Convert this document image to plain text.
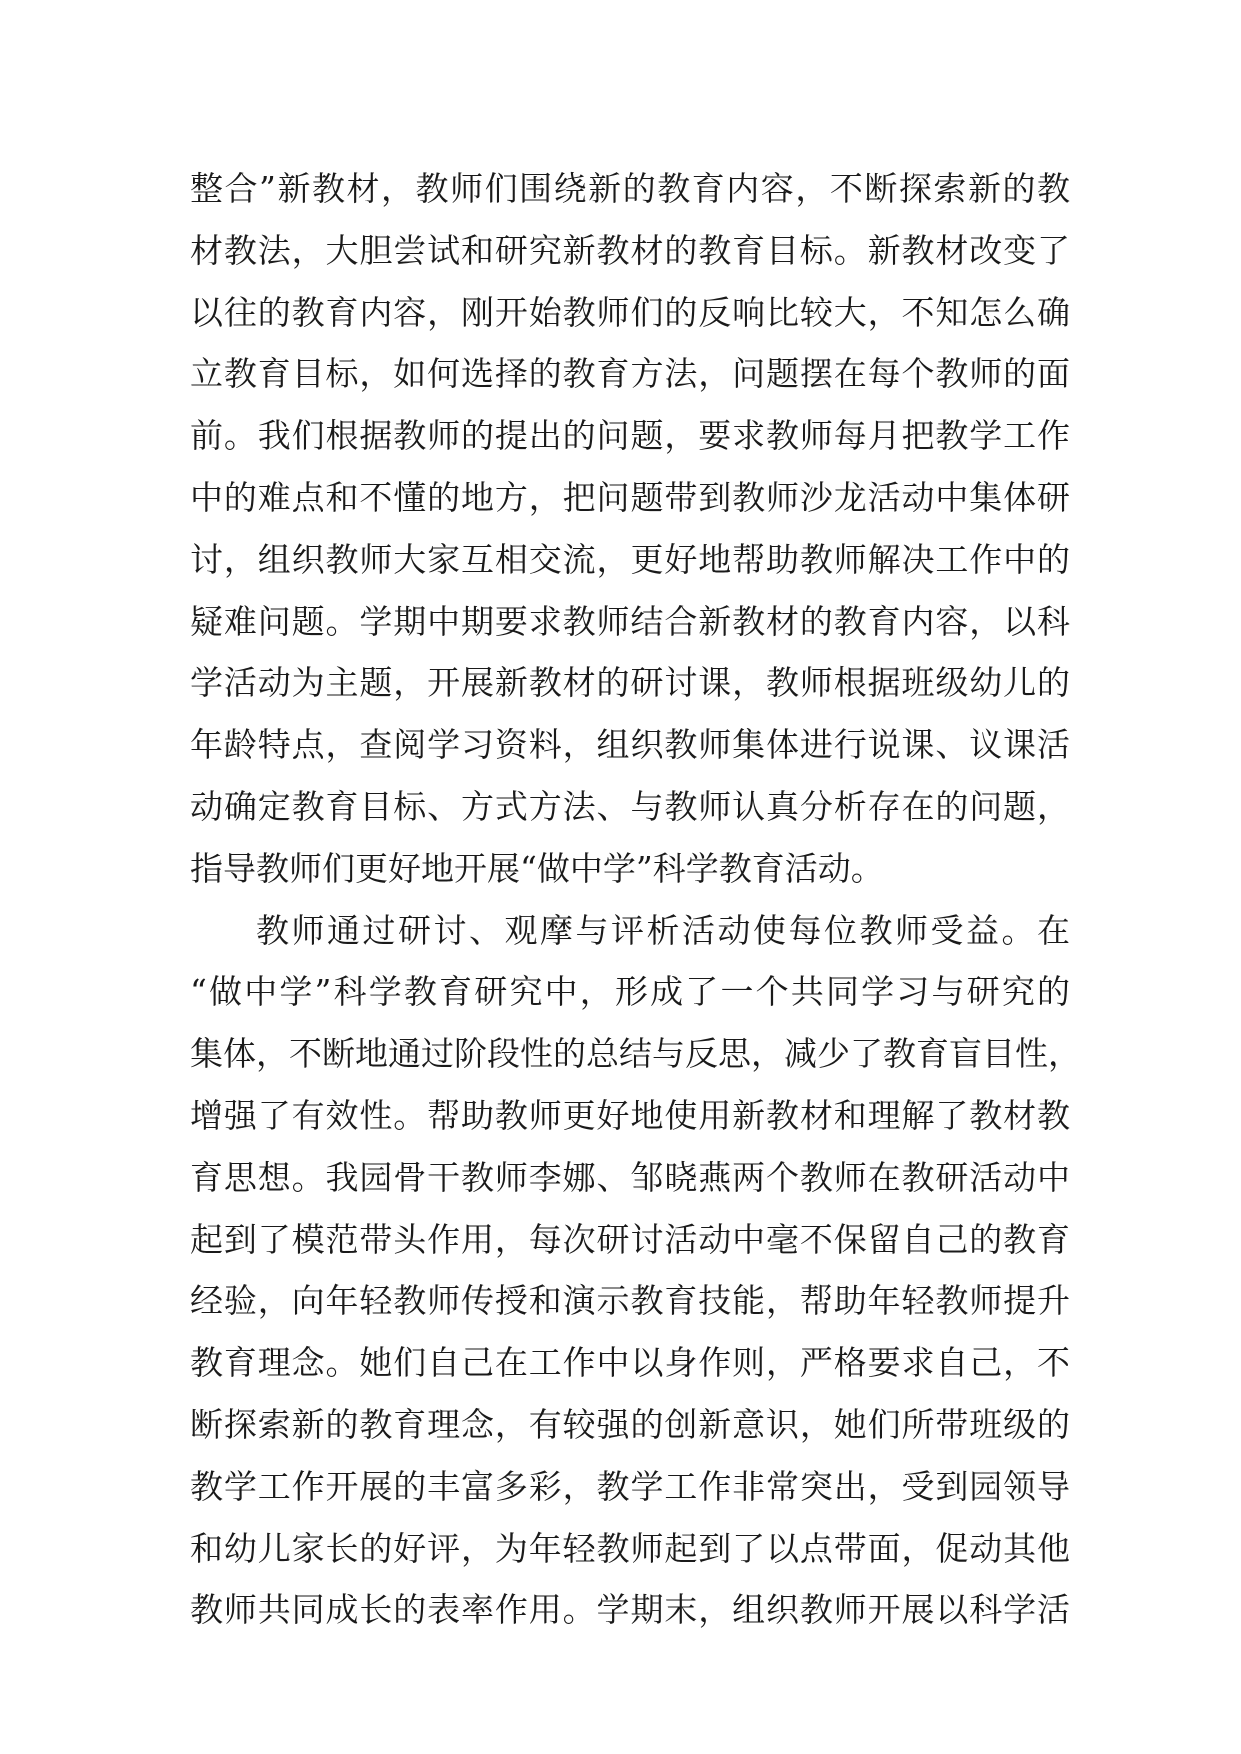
整合”新教材，教师们围绕新的教育内容，不断探索新的教
材教法，大胆尝试和研究新教材的教育目标。新教材改变了
以往的教育内容，刚开始教师们的反响比较大，不知怎么确
立教育目标，如何选择的教育方法，问题摆在每个教师的面
前。我们根据教师的提出的问题，要求教师每月把教学工作
中的难点和不懂的地方，把问题带到教师沙龙活动中集体研
讨，组织教师大家互相交流，更好地帮助教师解决工作中的
疑难问题。学期中期要求教师结合新教材的教育内容，以科
学活动为主题，开展新教材的研讨课，教师根据班级幼儿的
年龄特点，查阅学习资料，组织教师集体进行说课、议课活
动确定教育目标、方式方法、与教师认真分析存在的问题，
指导教师们更好地开展“做中学”科学教育活动。
教师通过研讨、观摩与评析活动使每位教师受益。在
“做中学”科学教育研究中，形成了一个共同学习与研究的
集体，不断地通过阶段性的总结与反思，减少了教育盲目性，
增强了有效性。帮助教师更好地使用新教材和理解了教材教
育思想。我园骨干教师李娜、邹晓燕两个教师在教研活动中
起到了模范带头作用，每次研讨活动中毫不保留自己的教育
经验，向年轻教师传授和演示教育技能，帮助年轻教师提升
教育理念。她们自己在工作中以身作则，严格要求自己，不
断探索新的教育理念，有较强的创新意识，她们所带班级的
教学工作开展的丰富多彩，教学工作非常突出，受到园领导
和幼儿家长的好评，为年轻教师起到了以点带面，促动其他
教师共同成长的表率作用。学期末，组织教师开展以科学活
